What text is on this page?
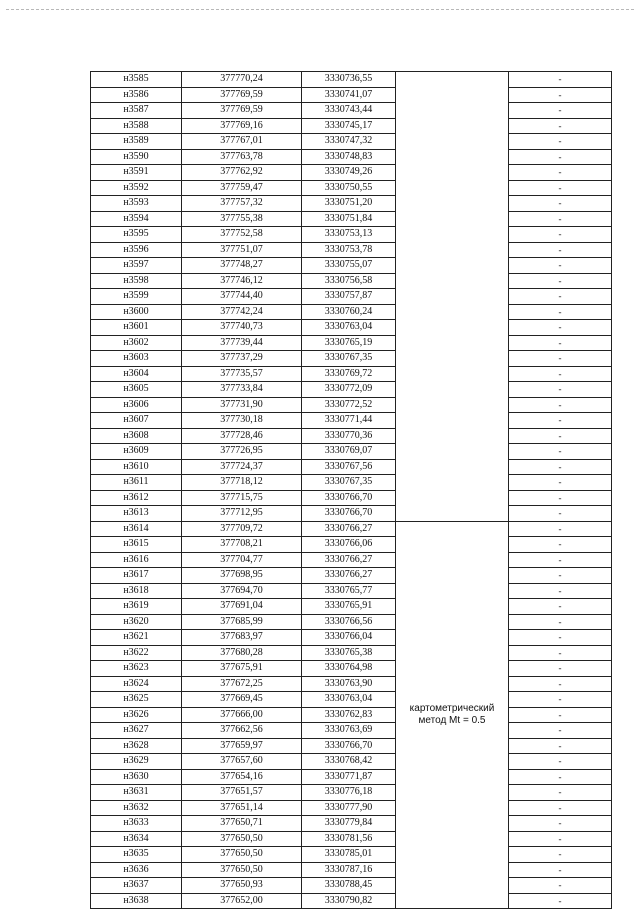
н3585	377770,24	3330736,55		-
н3586	377769,59	3330741,07		-
н3587	377769,59	3330743,44		-
н3588	377769,16	3330745,17		-
н3589	377767,01	3330747,32		-
н3590	377763,78	3330748,83		-
н3591	377762,92	3330749,26		-
н3592	377759,47	3330750,55		-
н3593	377757,32	3330751,20		-
н3594	377755,38	3330751,84		-
н3595	377752,58	3330753,13		-
н3596	377751,07	3330753,78		-
н3597	377748,27	3330755,07		-
н3598	377746,12	3330756,58		-
н3599	377744,40	3330757,87		-
н3600	377742,24	3330760,24		-
н3601	377740,73	3330763,04		-
н3602	377739,44	3330765,19		-
н3603	377737,29	3330767,35		-
н3604	377735,57	3330769,72		-
н3605	377733,84	3330772,09		-
н3606	377731,90	3330772,52		-
н3607	377730,18	3330771,44		-
н3608	377728,46	3330770,36		-
н3609	377726,95	3330769,07		-
н3610	377724,37	3330767,56		-
н3611	377718,12	3330767,35		-
н3612	377715,75	3330766,70		-
н3613	377712,95	3330766,70		-
н3614	377709,72	3330766,27	картометрический метод Mt = 0.5	-
н3615	377708,21	3330766,06		-
н3616	377704,77	3330766,27		-
н3617	377698,95	3330766,27		-
н3618	377694,70	3330765,77		-
н3619	377691,04	3330765,91		-
н3620	377685,99	3330766,56		-
н3621	377683,97	3330766,04		-
н3622	377680,28	3330765,38		-
н3623	377675,91	3330764,98		-
н3624	377672,25	3330763,90		-
н3625	377669,45	3330763,04		-
н3626	377666,00	3330762,83		-
н3627	377662,56	3330763,69		-
н3628	377659,97	3330766,70		-
н3629	377657,60	3330768,42		-
н3630	377654,16	3330771,87		-
н3631	377651,57	3330776,18		-
н3632	377651,14	3330777,90		-
н3633	377650,71	3330779,84		-
н3634	377650,50	3330781,56		-
н3635	377650,50	3330785,01		-
н3636	377650,50	3330787,16		-
н3637	377650,93	3330788,45		-
н3638	377652,00	3330790,82		-
